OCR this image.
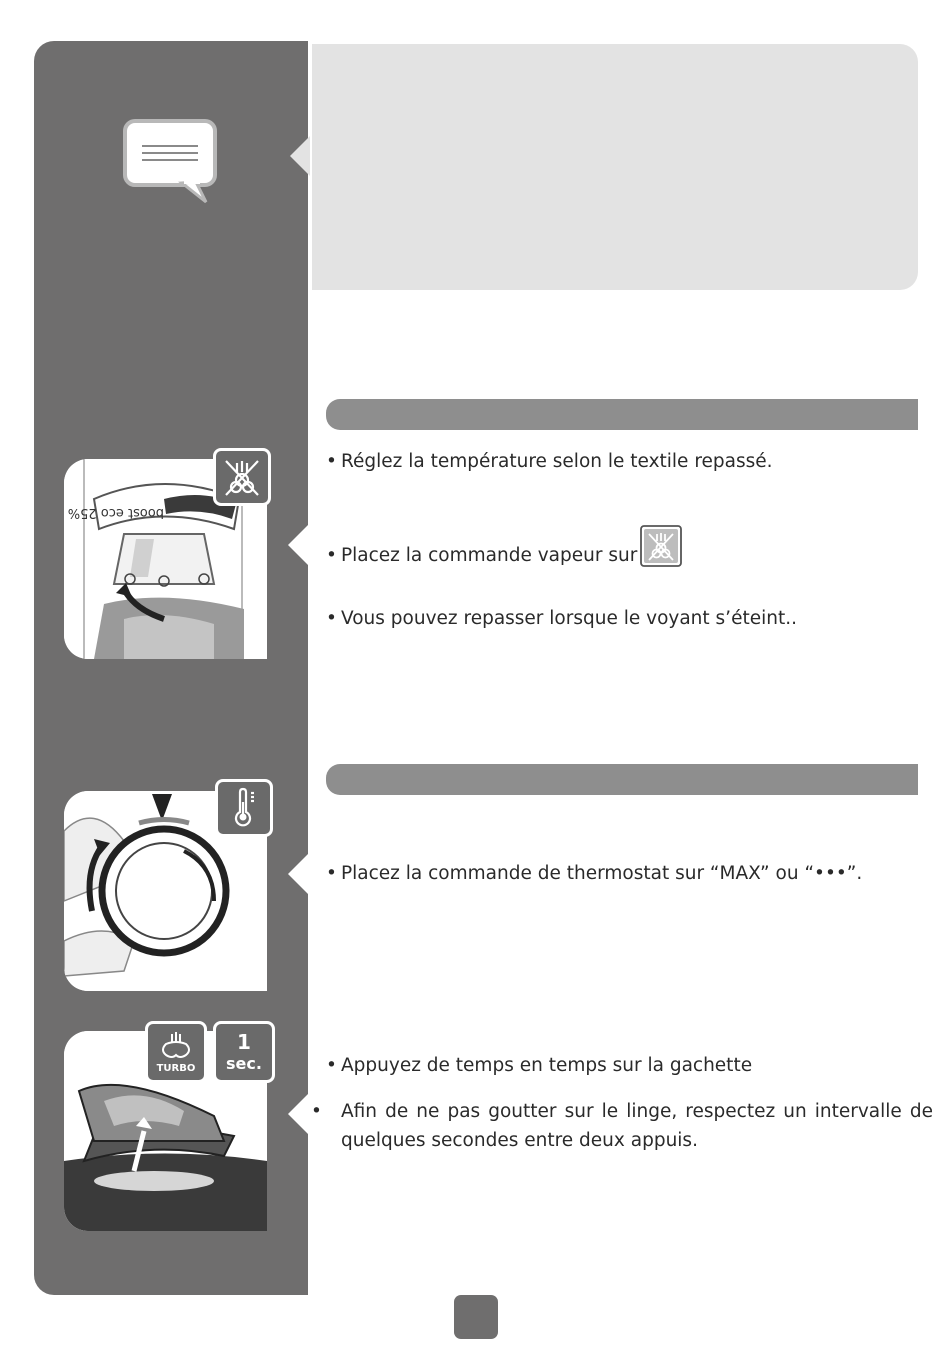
boost eco 25%

• Réglez la température selon le textile repassé.

• Placez la commande vapeur sur

• Vous pouvez repasser lorsque le voyant s’éteint..

• Placez la commande de thermostat sur “MAX” ou “•••”.

TURBO
1
sec.	• Appuyez de temps en temps sur la gachette

• Afin de ne pas goutter sur le linge, respectez un intervalle de quelques secondes entre deux appuis.
